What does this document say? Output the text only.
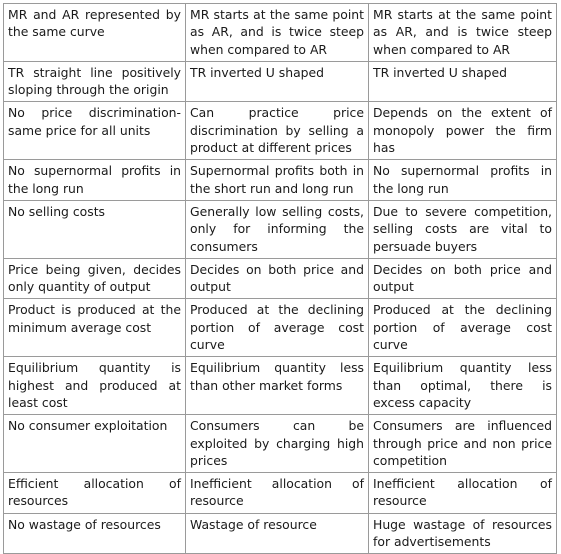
MR and AR represented by the same curve	MR starts at the same point as AR, and is twice steep when compared to AR	MR starts at the same point as AR, and is twice steep when compared to AR
TR straight line positively sloping through the origin	TR inverted U shaped	TR inverted U shaped
No price discrimination- same price for all units	Can practice price discrimination by selling a product at different prices	Depends on the extent of monopoly power the firm has
No supernormal profits in the long run	Supernormal profits both in the short run and long run	No supernormal profits in the long run
No selling costs	Generally low selling costs, only for informing the consumers	Due to severe competition, selling costs are vital to persuade buyers
Price being given, decides only quantity of output	Decides on both price and output	Decides on both price and output
Product is produced at the minimum average cost	Produced at the declining portion of average cost curve	Produced at the declining portion of average cost curve
Equilibrium quantity is highest and produced at least cost	Equilibrium quantity less than other market forms	Equilibrium quantity less than optimal, there is excess capacity
No consumer exploitation	Consumers can be exploited by charging high prices	Consumers are influenced through price and non price competition
Efficient allocation of resources	Inefficient allocation of resource	Inefficient allocation of resource
No wastage of resources	Wastage of resource	Huge wastage of resources for advertisements
